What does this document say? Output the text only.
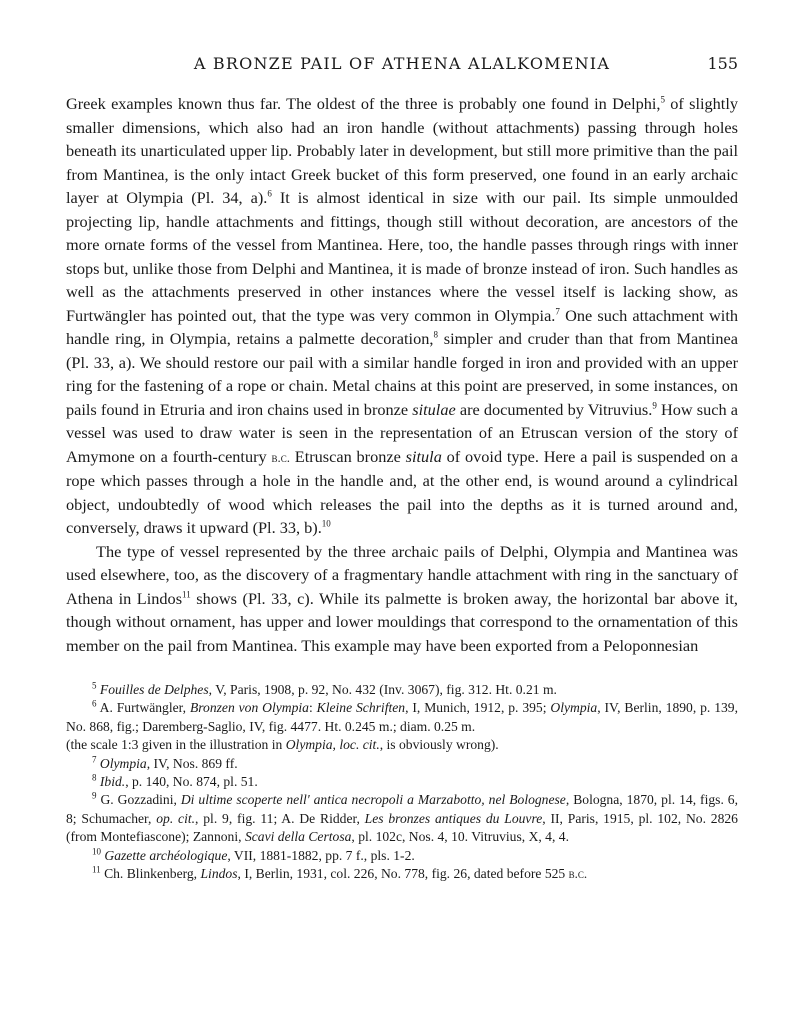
A BRONZE PAIL OF ATHENA ALALKOMENIA	155

Greek examples known thus far. The oldest of the three is probably one found in Delphi,$^5$ of slightly smaller dimensions, which also had an iron handle (without attachments) passing through holes beneath its unarticulated upper lip. Probably later in development, but still more primitive than the pail from Mantinea, is the only intact Greek bucket of this form preserved, one found in an early archaic layer at Olympia (Pl. 34, a).$^6$ It is almost identical in size with our pail. Its simple unmoulded projecting lip, handle attachments and fittings, though still without decoration, are ancestors of the more ornate forms of the vessel from Mantinea. Here, too, the handle passes through rings with inner stops but, unlike those from Delphi and Mantinea, it is made of bronze instead of iron. Such handles as well as the attachments preserved in other instances where the vessel itself is lacking show, as Furtwängler has pointed out, that the type was very common in Olympia.$^7$ One such attachment with handle ring, in Olympia, retains a palmette decoration,$^8$ simpler and cruder than that from Mantinea (Pl. 33, a). We should restore our pail with a similar handle forged in iron and provided with an upper ring for the fastening of a rope or chain. Metal chains at this point are preserved, in some instances, on pails found in Etruria and iron chains used in bronze situlae are documented by Vitruvius.$^9$ How such a vessel was used to draw water is seen in the representation of an Etruscan version of the story of Amymone on a fourth-century b.c. Etruscan bronze situla of ovoid type. Here a pail is suspended on a rope which passes through a hole in the handle and, at the other end, is wound around a cylindrical object, undoubtedly of wood which releases the pail into the depths as it is turned around and, conversely, draws it upward (Pl. 33, b).$^{10}$

The type of vessel represented by the three archaic pails of Delphi, Olympia and Mantinea was used elsewhere, too, as the discovery of a fragmentary handle attachment with ring in the sanctuary of Athena in Lindos$^{11}$ shows (Pl. 33, c). While its palmette is broken away, the horizontal bar above it, though without ornament, has upper and lower mouldings that correspond to the ornamentation of this member on the pail from Mantinea. This example may have been exported from a Peloponnesian

$^5$ Fouilles de Delphes, V, Paris, 1908, p. 92, No. 432 (Inv. 3067), fig. 312. Ht. 0.21 m.

$^6$ A. Furtwängler, Bronzen von Olympia: Kleine Schriften, I, Munich, 1912, p. 395; Olympia, IV, Berlin, 1890, p. 139, No. 868, fig.; Daremberg-Saglio, IV, fig. 4477. Ht. 0.245 m.; diam. 0.25 m.

(the scale 1:3 given in the illustration in Olympia, loc. cit., is obviously wrong).

$^7$ Olympia, IV, Nos. 869 ff.

$^8$ Ibid., p. 140, No. 874, pl. 51.

$^9$ G. Gozzadini, Di ultime scoperte nell' antica necropoli a Marzabotto, nel Bolognese, Bologna, 1870, pl. 14, figs. 6, 8; Schumacher, op. cit., pl. 9, fig. 11; A. De Ridder, Les bronzes antiques du Louvre, II, Paris, 1915, pl. 102, No. 2826 (from Montefiascone); Zannoni, Scavi della Certosa, pl. 102c, Nos. 4, 10. Vitruvius, X, 4, 4.

$^{10}$ Gazette archéologique, VII, 1881-1882, pp. 7 f., pls. 1-2.

$^{11}$ Ch. Blinkenberg, Lindos, I, Berlin, 1931, col. 226, No. 778, fig. 26, dated before 525 b.c.
